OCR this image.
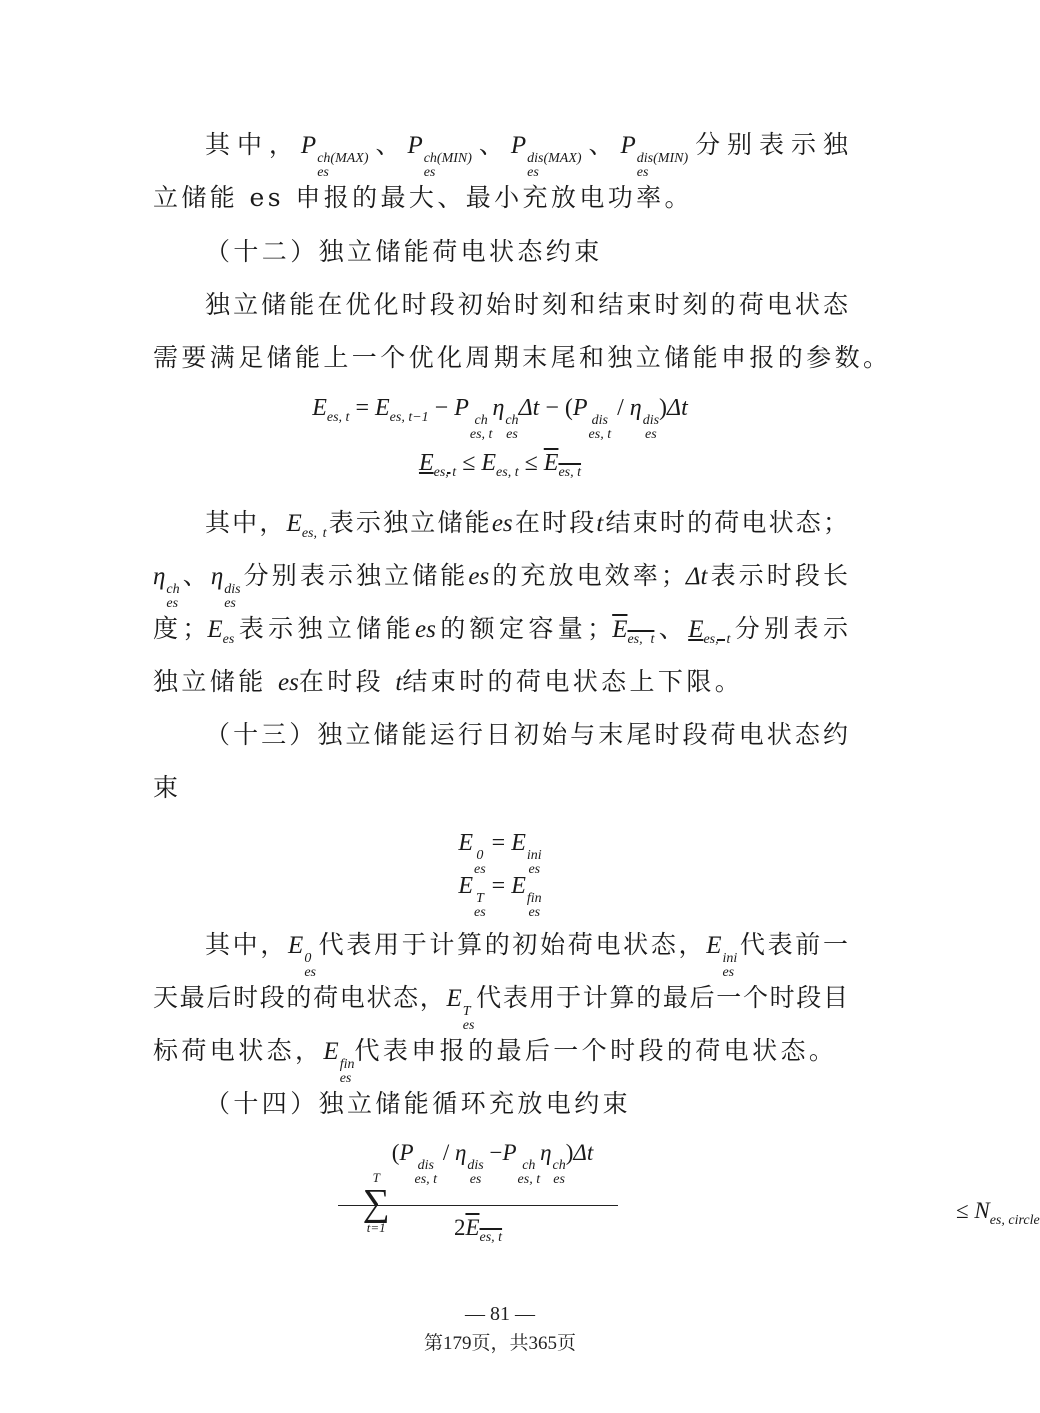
其中，P ch(MAX)
es
、P ch(MIN)
es
、P dis(MAX)
es
、P dis(MIN)
es
分别表示独
立储能 es 申报的最大、最小充放电功率。
（十二）独立储能荷电状态约束
独立储能在优化时段初始时刻和结束时刻的荷电状态
需要满足储能上一个优化周期末尾和独立储能申报的参数。
$E_{es, t} = E_{es, t-1} - P$ ch
es, t
η ch
es
Δt − (P dis
es, t
/ η dis
es
)Δt
$E_{es, t} \le E_{es, t} \le E_{es, t}$
其中，$E_{es, t}$表示独立储能es在时段t结束时的荷电状态；
η ch
es
、η dis
es
分别表示独立储能es的充放电效率；Δt表示时段长
度；$E_{es}$表示独立储能es的额定容量；$E_{es, t}$、$E_{es, t}$分别表示
独立储能 es在时段 t结束时的荷电状态上下限。
（十三）独立储能运行日初始与末尾时段荷电状态约
束
E 0
es
= E ini
es
E T
es
= E fin
es
其中，E 0
es
代表用于计算的初始荷电状态，E ini
es
代表前一
天最后时段的荷电状态，E T
es
代表用于计算的最后一个时段目
标荷电状态，E fin
es
代表申报的最后一个时段的荷电状态。
（十四）独立储能循环充放电约束
T
∑
t=1
(P
dis
es, t
/ η
dis
es
−P
ch
es, t
η
ch
es
)Δt
$2E_{es, t}$
≤ $N_{es, circle}$
— 81 —
第179页，共365页
